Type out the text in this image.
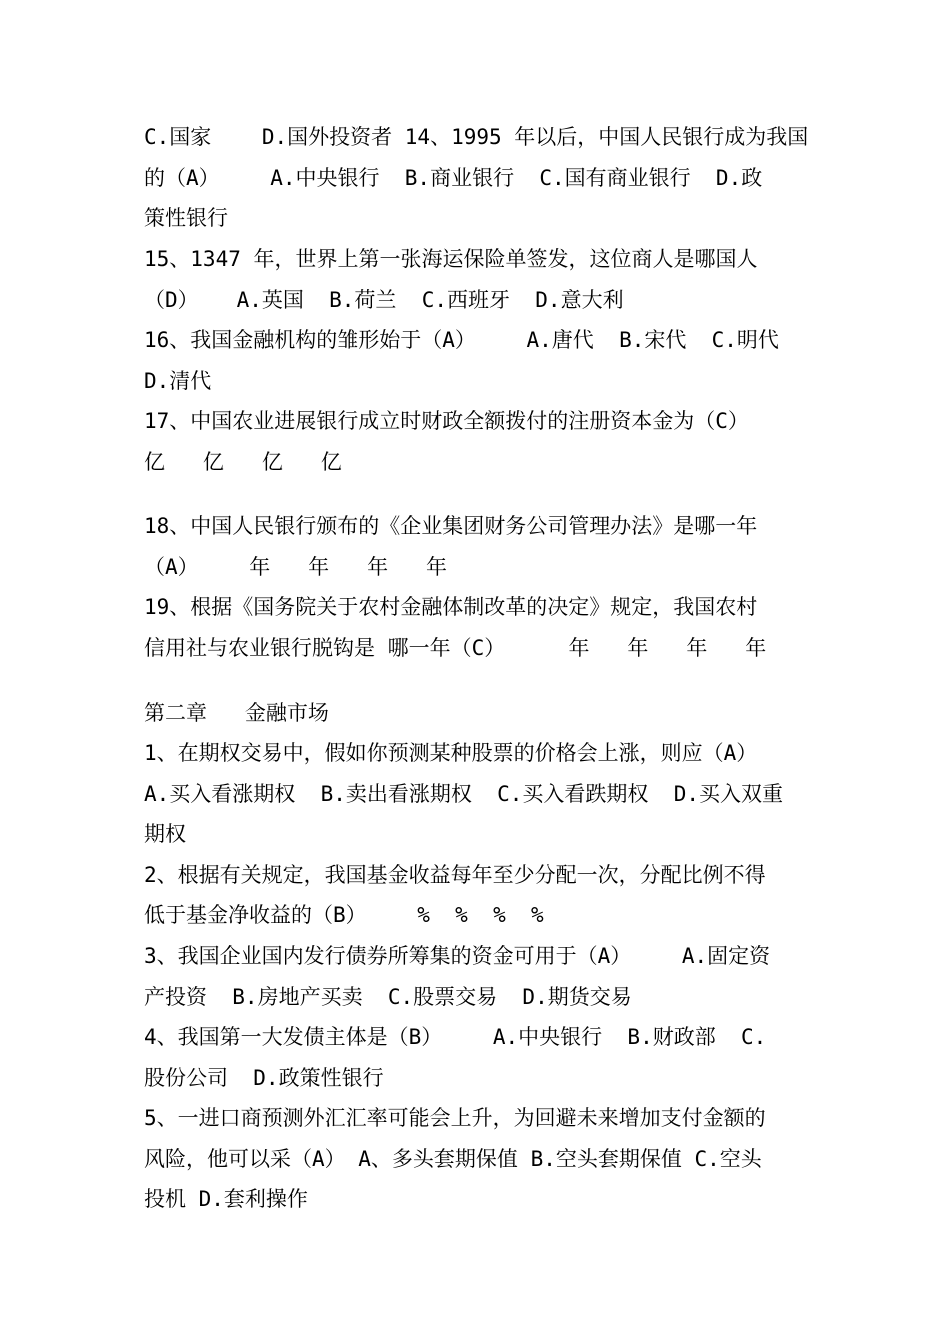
C.国家    D.国外投资者 14、1995 年以后，中国人民银行成为我国
的（A）    A.中央银行  B.商业银行  C.国有商业银行  D.政
策性银行
15、1347 年，世界上第一张海运保险单签发，这位商人是哪国人
（D）   A.英国  B.荷兰  C.西班牙  D.意大利
16、我国金融机构的雏形始于（A）    A.唐代  B.宋代  C.明代
D.清代
17、中国农业进展银行成立时财政全额拨付的注册资本金为（C）
亿   亿   亿   亿
18、中国人民银行颁布的《企业集团财务公司管理办法》是哪一年
（A）    年   年   年   年
19、根据《国务院关于农村金融体制改革的决定》规定，我国农村
信用社与农业银行脱钩是 哪一年（C）     年   年   年   年
第二章   金融市场
1、在期权交易中，假如你预测某种股票的价格会上涨，则应（A）
A.买入看涨期权  B.卖出看涨期权  C.买入看跌期权  D.买入双重
期权
2、根据有关规定，我国基金收益每年至少分配一次，分配比例不得
低于基金净收益的（B）    %  %  %  %
3、我国企业国内发行债券所筹集的资金可用于（A）    A.固定资
产投资  B.房地产买卖  C.股票交易  D.期货交易
4、我国第一大发债主体是（B）    A.中央银行  B.财政部  C.
股份公司  D.政策性银行
5、一进口商预测外汇汇率可能会上升，为回避未来增加支付金额的
风险，他可以采（A） A、多头套期保值 B.空头套期保值 C.空头
投机 D.套利操作
